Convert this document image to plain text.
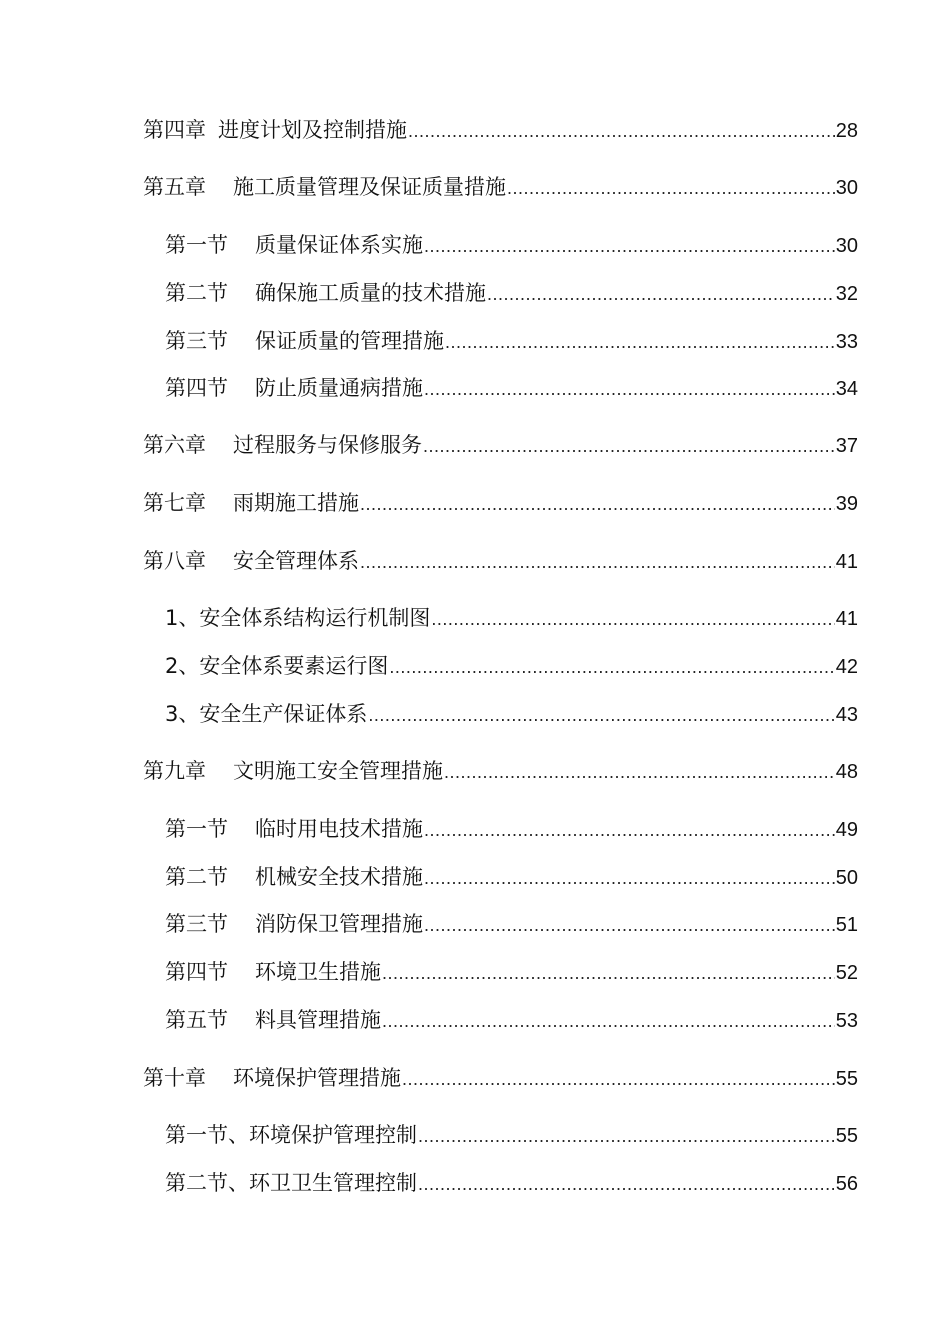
第四章 进度计划及控制措施 .....	28
第五章 施工质量管理及保证质量措施 .....	30
第一节 质量保证体系实施 .....	30
第二节 确保施工质量的技术措施 .....	32
第三节 保证质量的管理措施 .....	33
第四节 防止质量通病措施 .....	34
第六章 过程服务与保修服务 .....	37
第七章 雨期施工措施 .....	39
第八章 安全管理体系 .....	41
1、安全体系结构运行机制图 .....	41
2、安全体系要素运行图 .....	42
3、安全生产保证体系 .....	43
第九章 文明施工安全管理措施 .....	48
第一节 临时用电技术措施 .....	49
第二节 机械安全技术措施 .....	50
第三节 消防保卫管理措施 .....	51
第四节 环境卫生措施 .....	52
第五节 料具管理措施 .....	53
第十章 环境保护管理措施 .....	55
第一节、环境保护管理控制 .....	55
第二节、环卫卫生管理控制 .....	56
